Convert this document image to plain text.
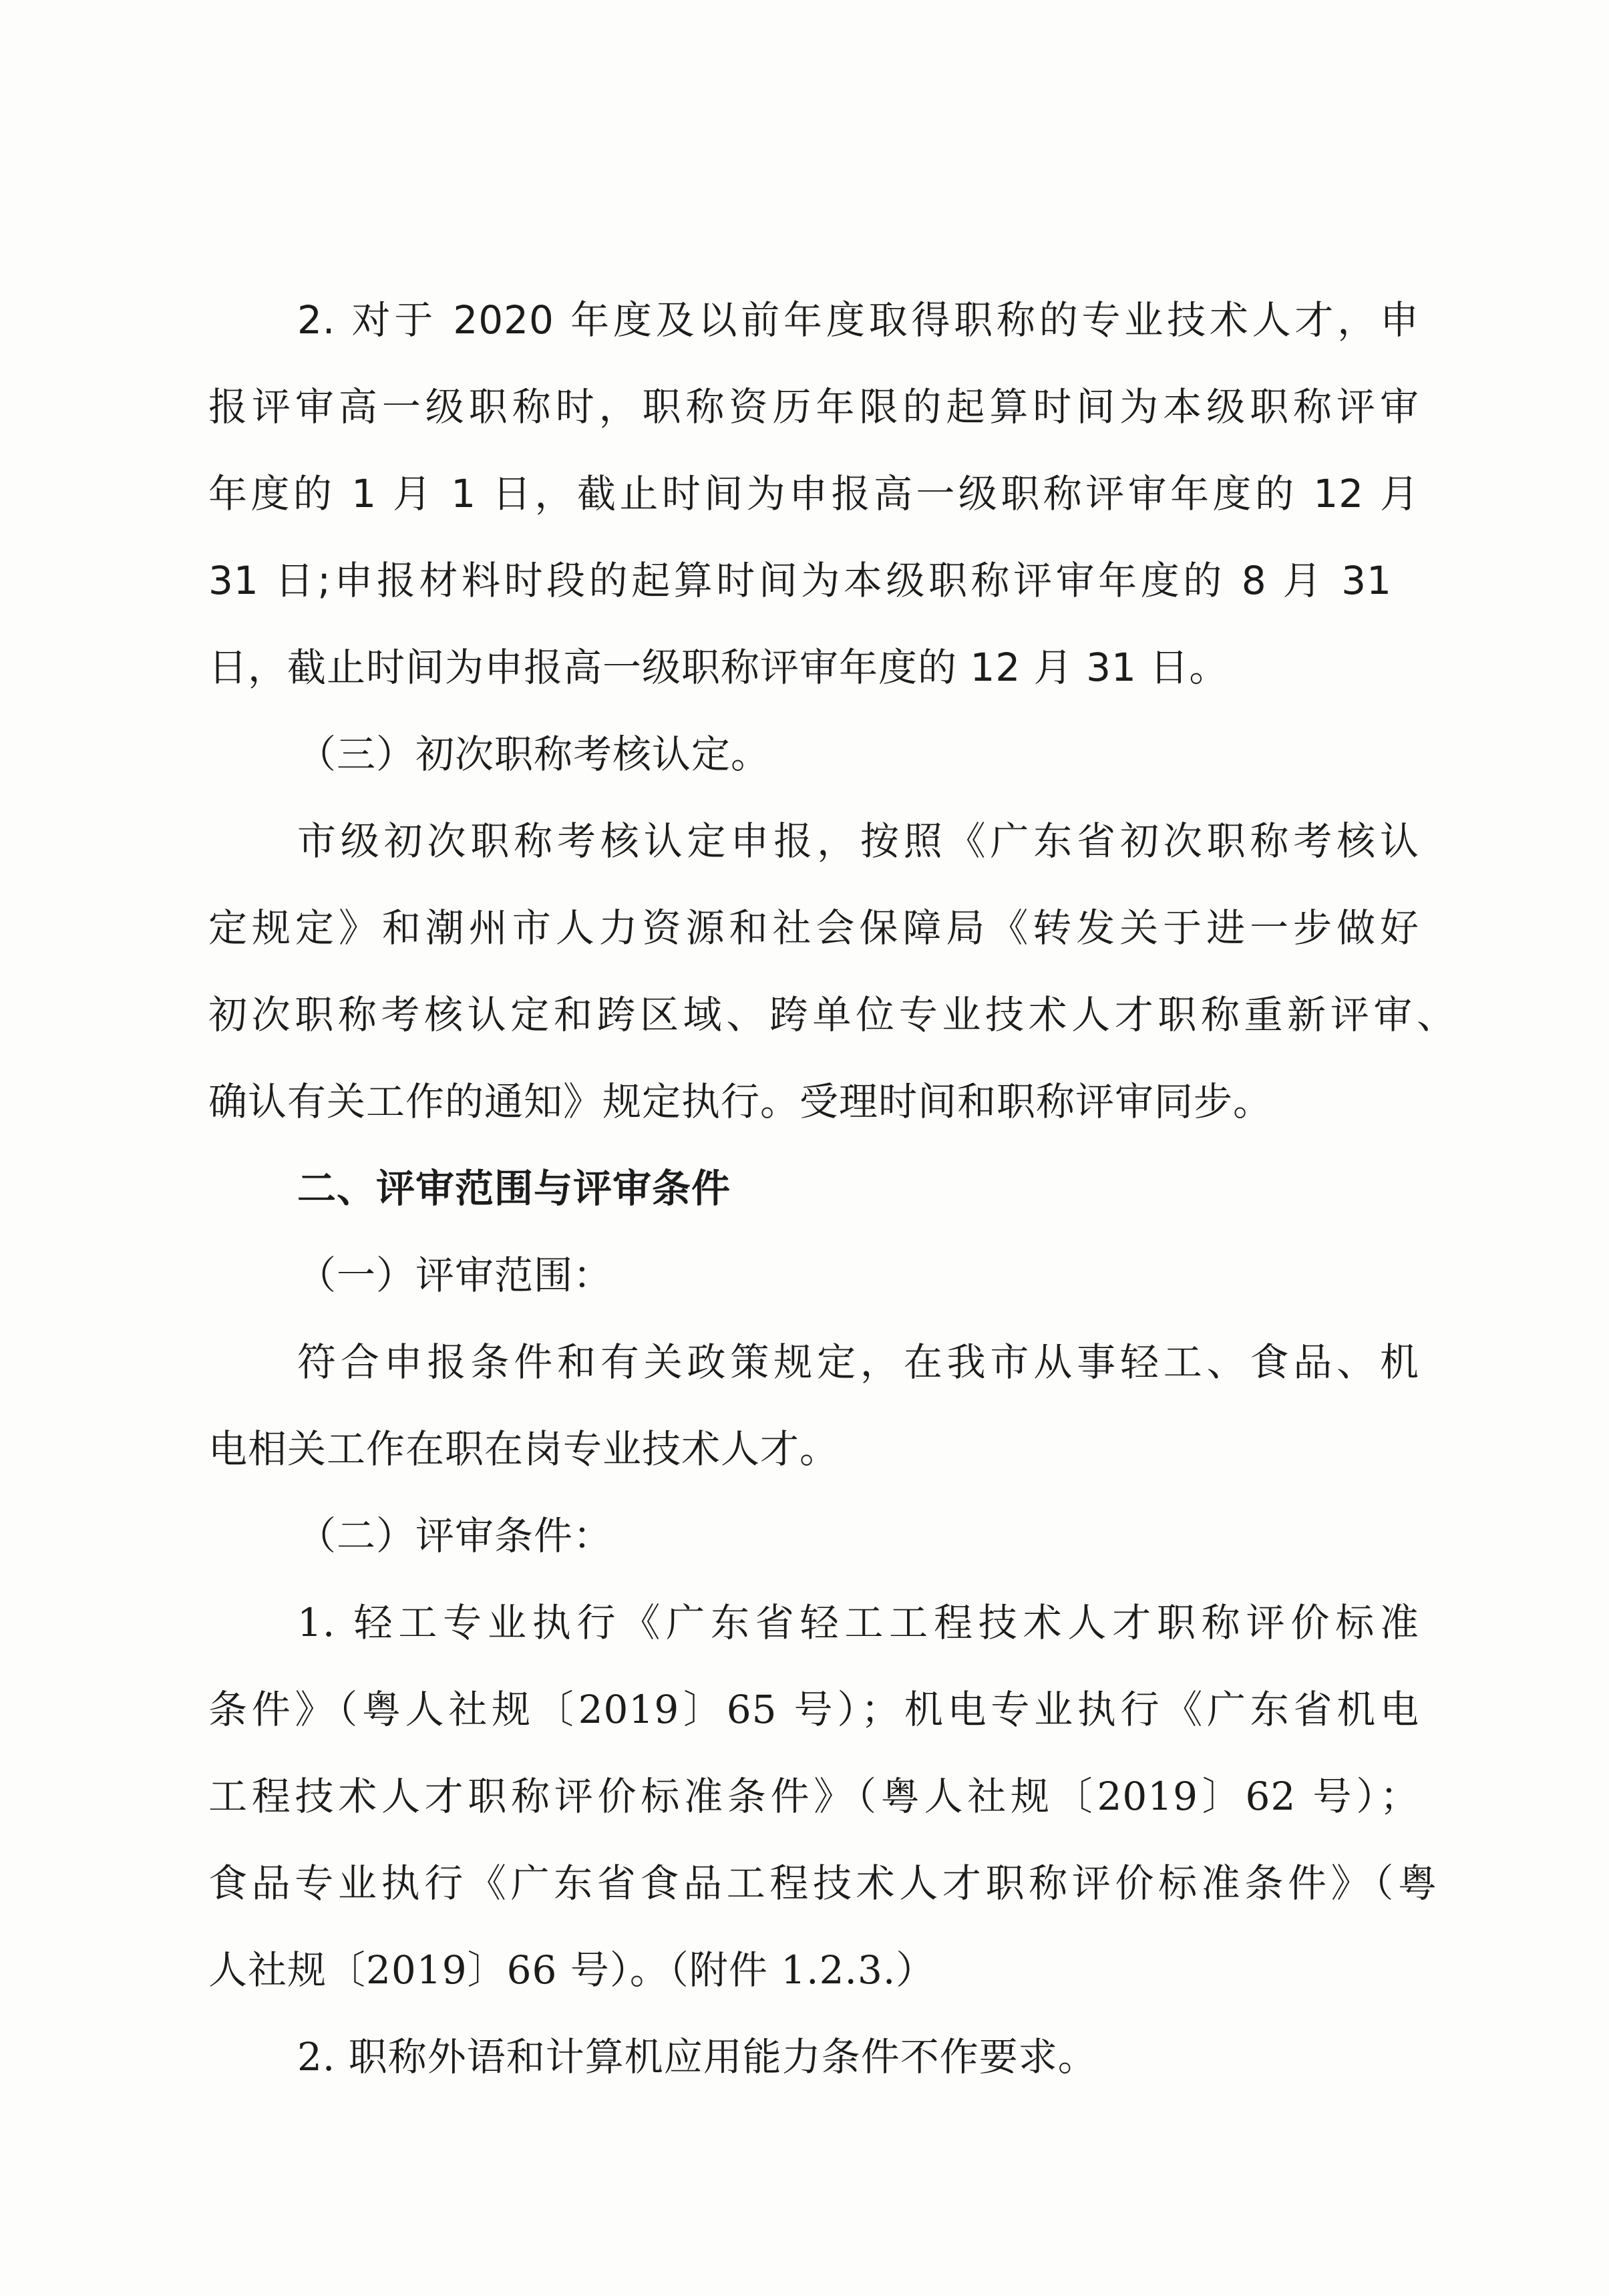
2. 对于 2020 年度及以前年度取得职称的专业技术人才，申
报评审高一级职称时，职称资历年限的起算时间为本级职称评审
年度的 1 月 1 日，截止时间为申报高一级职称评审年度的 12 月
31 日;申报材料时段的起算时间为本级职称评审年度的 8 月 31
日，截止时间为申报高一级职称评审年度的 12 月 31 日。
（三）初次职称考核认定。
市级初次职称考核认定申报，按照《广东省初次职称考核认
定规定》和潮州市人力资源和社会保障局《转发关于进一步做好
初次职称考核认定和跨区域、跨单位专业技术人才职称重新评审、
确认有关工作的通知》规定执行。受理时间和职称评审同步。
二、评审范围与评审条件
（一）评审范围：
符合申报条件和有关政策规定，在我市从事轻工、食品、机
电相关工作在职在岗专业技术人才。
（二）评审条件：
1. 轻工专业执行《广东省轻工工程技术人才职称评价标准
条件》（粤人社规〔2019〕65 号）；机电专业执行《广东省机电
工程技术人才职称评价标准条件》（粤人社规〔2019〕62 号）；
食品专业执行《广东省食品工程技术人才职称评价标准条件》（粤
人社规〔2019〕66 号）。（附件 1.2.3.）
2. 职称外语和计算机应用能力条件不作要求。
